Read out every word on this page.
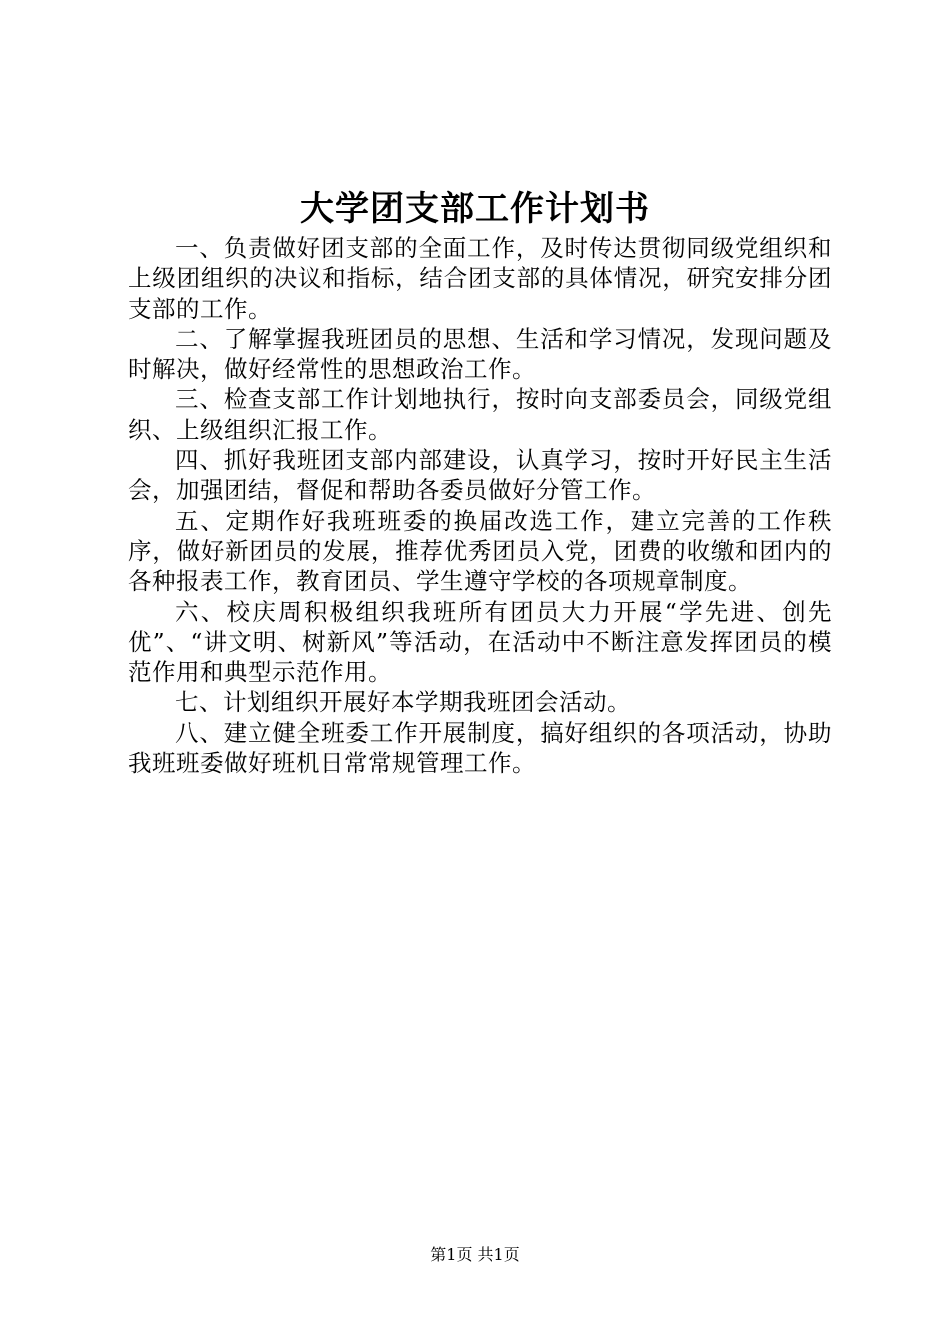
大学团支部工作计划书

一、负责做好团支部的全面工作，及时传达贯彻同级党组织和上级团组织的决议和指标，结合团支部的具体情况，研究安排分团支部的工作。

二、了解掌握我班团员的思想、生活和学习情况，发现问题及时解决，做好经常性的思想政治工作。

三、检查支部工作计划地执行，按时向支部委员会，同级党组织、上级组织汇报工作。

四、抓好我班团支部内部建设，认真学习，按时开好民主生活会，加强团结，督促和帮助各委员做好分管工作。

五、定期作好我班班委的换届改选工作，建立完善的工作秩序，做好新团员的发展，推荐优秀团员入党，团费的收缴和团内的各种报表工作，教育团员、学生遵守学校的各项规章制度。

六、校庆周积极组织我班所有团员大力开展“学先进、创先优”、“讲文明、树新风”等活动，在活动中不断注意发挥团员的模范作用和典型示范作用。

七、计划组织开展好本学期我班团会活动。

八、建立健全班委工作开展制度，搞好组织的各项活动，协助我班班委做好班机日常常规管理工作。

第1页 共1页
